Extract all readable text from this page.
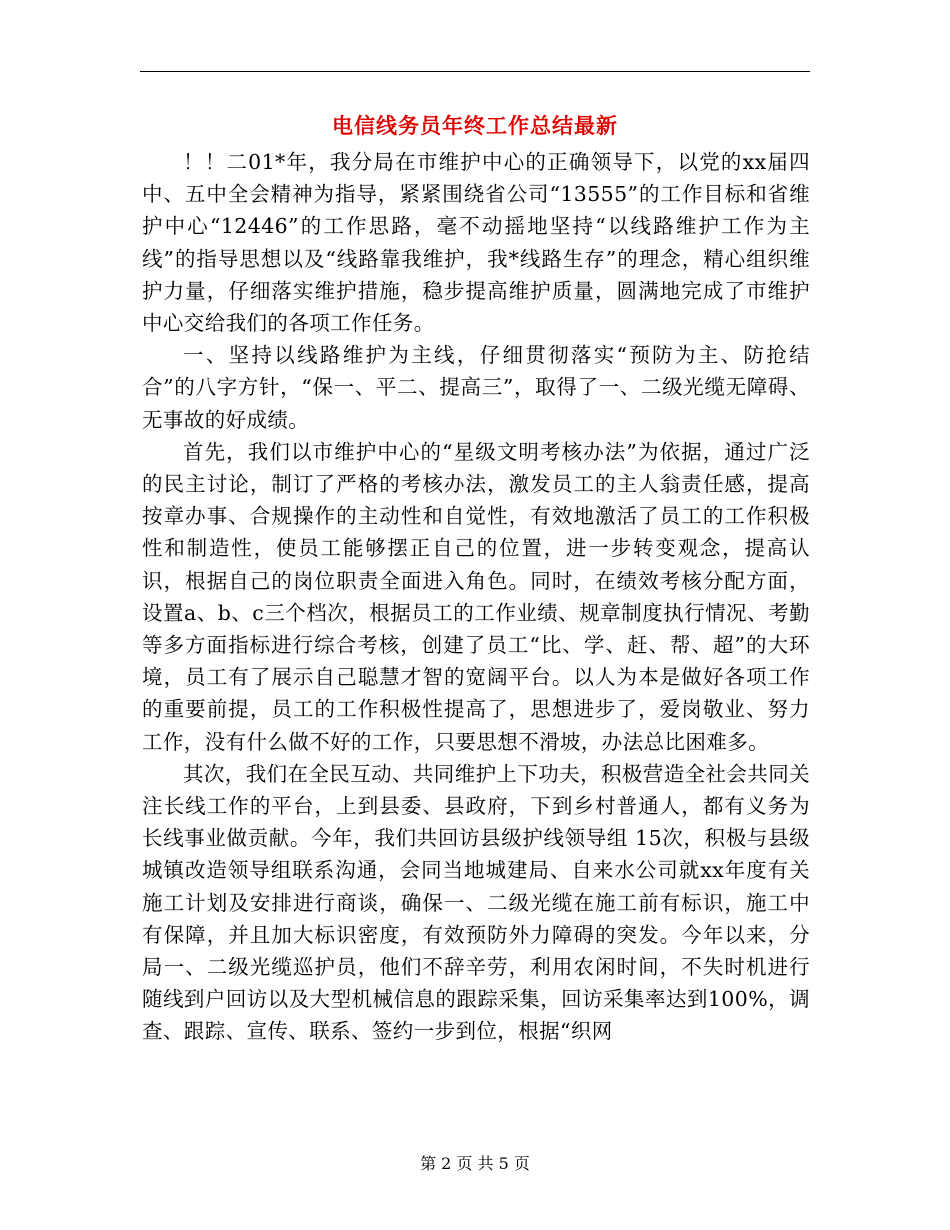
电信线务员年终工作总结最新

！！二01*年，我分局在市维护中心的正确领导下，以党的xx届四中、五中全会精神为指导，紧紧围绕省公司“13555”的工作目标和省维护中心“12446”的工作思路，毫不动摇地坚持“以线路维护工作为主线”的指导思想以及“线路靠我维护，我*线路生存”的理念，精心组织维护力量，仔细落实维护措施，稳步提高维护质量，圆满地完成了市维护中心交给我们的各项工作任务。

一、坚持以线路维护为主线，仔细贯彻落实“预防为主、防抢结合”的八字方针，“保一、平二、提高三”，取得了一、二级光缆无障碍、无事故的好成绩。

首先，我们以市维护中心的“星级文明考核办法”为依据，通过广泛的民主讨论，制订了严格的考核办法，激发员工的主人翁责任感，提高按章办事、合规操作的主动性和自觉性，有效地激活了员工的工作积极性和制造性，使员工能够摆正自己的位置，进一步转变观念，提高认识，根据自己的岗位职责全面进入角色。同时，在绩效考核分配方面，设置a、b、c三个档次，根据员工的工作业绩、规章制度执行情况、考勤等多方面指标进行综合考核，创建了员工“比、学、赶、帮、超”的大环境，员工有了展示自己聪慧才智的宽阔平台。以人为本是做好各项工作的重要前提，员工的工作积极性提高了，思想进步了，爱岗敬业、努力工作，没有什么做不好的工作，只要思想不滑坡，办法总比困难多。

其次，我们在全民互动、共同维护上下功夫，积极营造全社会共同关注长线工作的平台，上到县委、县政府，下到乡村普通人，都有义务为长线事业做贡献。今年，我们共回访县级护线领导组 15次，积极与县级城镇改造领导组联系沟通，会同当地城建局、自来水公司就xx年度有关施工计划及安排进行商谈，确保一、二级光缆在施工前有标识，施工中有保障，并且加大标识密度，有效预防外力障碍的突发。今年以来，分局一、二级光缆巡护员，他们不辞辛劳，利用农闲时间，不失时机进行随线到户回访以及大型机械信息的跟踪采集，回访采集率达到100%，调查、跟踪、宣传、联系、签约一步到位，根据“织网

第 2 页 共 5 页
